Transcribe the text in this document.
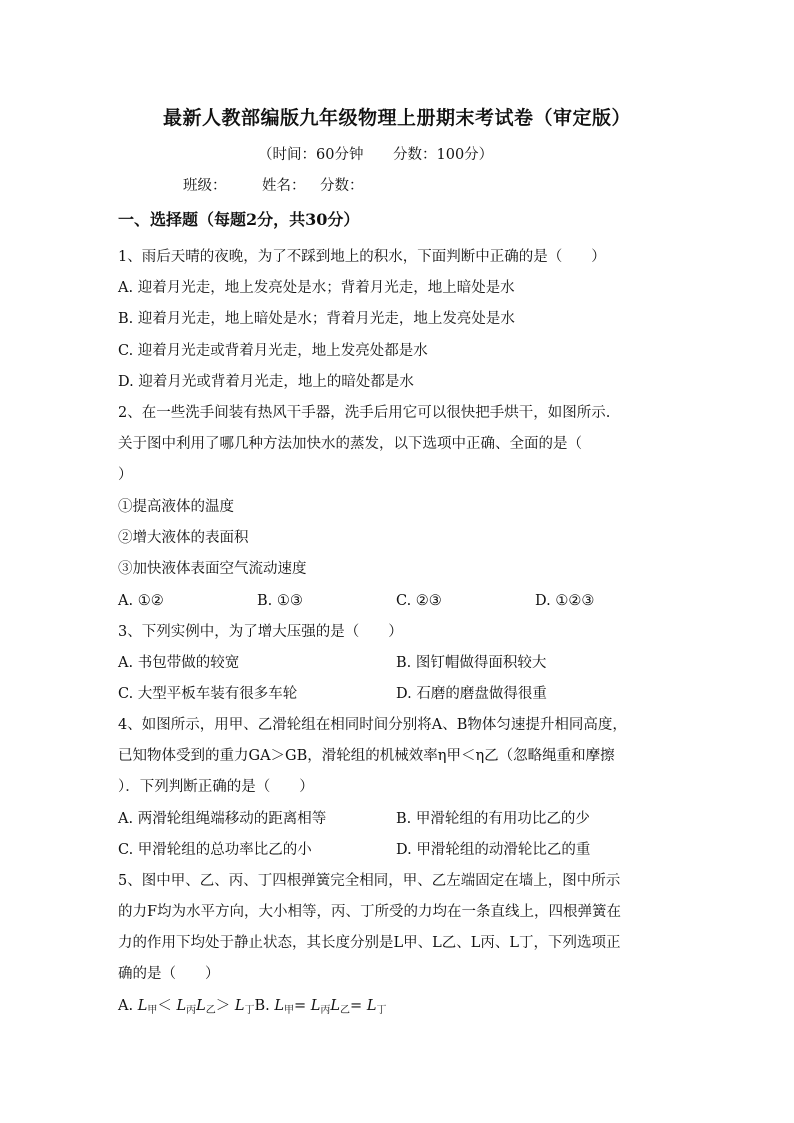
最新人教部编版九年级物理上册期末考试卷（审定版）
（时间：60分钟 分数：100分）
班级： 姓名： 分数：
一、选择题（每题2分，共30分）
1、雨后天晴的夜晚，为了不踩到地上的积水，下面判断中正确的是（　　）
A. 迎着月光走，地上发亮处是水；背着月光走，地上暗处是水
B. 迎着月光走，地上暗处是水；背着月光走，地上发亮处是水
C. 迎着月光走或背着月光走，地上发亮处都是水
D. 迎着月光或背着月光走，地上的暗处都是水
2、在一些洗手间装有热风干手器，洗手后用它可以很快把手烘干，如图所示.
关于图中利用了哪几种方法加快水的蒸发，以下选项中正确、全面的是（
）
①提高液体的温度
②增大液体的表面积
③加快液体表面空气流动速度
A. ①②	B. ①③	C. ②③	D. ①②③
3、下列实例中，为了增大压强的是（　　）
A. 书包带做的较宽	B. 图钉帽做得面积较大
C. 大型平板车装有很多车轮	D. 石磨的磨盘做得很重
4、如图所示，用甲、乙滑轮组在相同时间分别将A、B物体匀速提升相同高度，
已知物体受到的重力GA＞GB，滑轮组的机械效率η甲＜η乙（忽略绳重和摩擦
）．下列判断正确的是（　　）
A. 两滑轮组绳端移动的距离相等	B. 甲滑轮组的有用功比乙的少
C. 甲滑轮组的总功率比乙的小	D. 甲滑轮组的动滑轮比乙的重
5、图中甲、乙、丙、丁四根弹簧完全相同，甲、乙左端固定在墙上，图中所示
的力F均为水平方向，大小相等，丙、丁所受的力均在一条直线上，四根弹簧在
力的作用下均处于静止状态，其长度分别是L甲、L乙、L丙、L丁，下列选项正
确的是（　　）
A. $L_甲< L_丙L_乙> L_丁B$. $L_甲= L_丙L_乙= L_丁$
